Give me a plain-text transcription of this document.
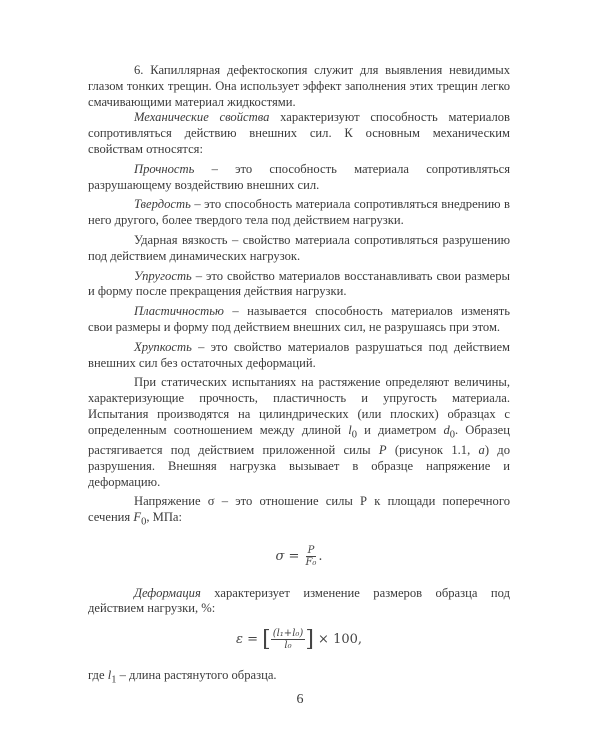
6. Капиллярная дефектоскопия служит для выявления невидимых глазом тонких трещин. Она использует эффект заполнения этих трещин легко смачивающими материал жидкостями.

Механические свойства характеризуют способность материалов сопротивляться действию внешних сил. К основным механическим свойствам относятся:

Прочность – это способность материала сопротивляться разрушающему воздействию внешних сил.

Твердость – это способность материала сопротивляться внедрению в него другого, более твердого тела под действием нагрузки.

Ударная вязкость – свойство материала сопротивляться разрушению под действием динамических нагрузок.

Упругость – это свойство материалов восстанавливать свои размеры и форму после прекращения действия нагрузки.

Пластичностью – называется способность материалов изменять свои размеры и форму под действием внешних сил, не разрушаясь при этом.

Хрупкость – это свойство материалов разрушаться под действием внешних сил без остаточных деформаций.

При статических испытаниях на растяжение определяют величины, характеризующие прочность, пластичность и упругость материала. Испытания производятся на цилиндрических (или плоских) образцах с определенным соотношением между длиной $l_0$ и диаметром $d_0$. Образец растягивается под действием приложенной силы P (рисунок 1.1, а) до разрушения. Внешняя нагрузка вызывает в образце напряжение и деформацию.

Напряжение σ – это отношение силы Р к площади поперечного сечения $F_0$, МПа:

$\sigma = \frac{P}{\text{F₀}}$ .

Деформация характеризует изменение размеров образца под действием нагрузки, %:

ε = [ $\frac{\text{(l₁+l₀)}}{\text{l₀}}$ ] × 100,

где $l_1$ – длина растянутого образца.

6
